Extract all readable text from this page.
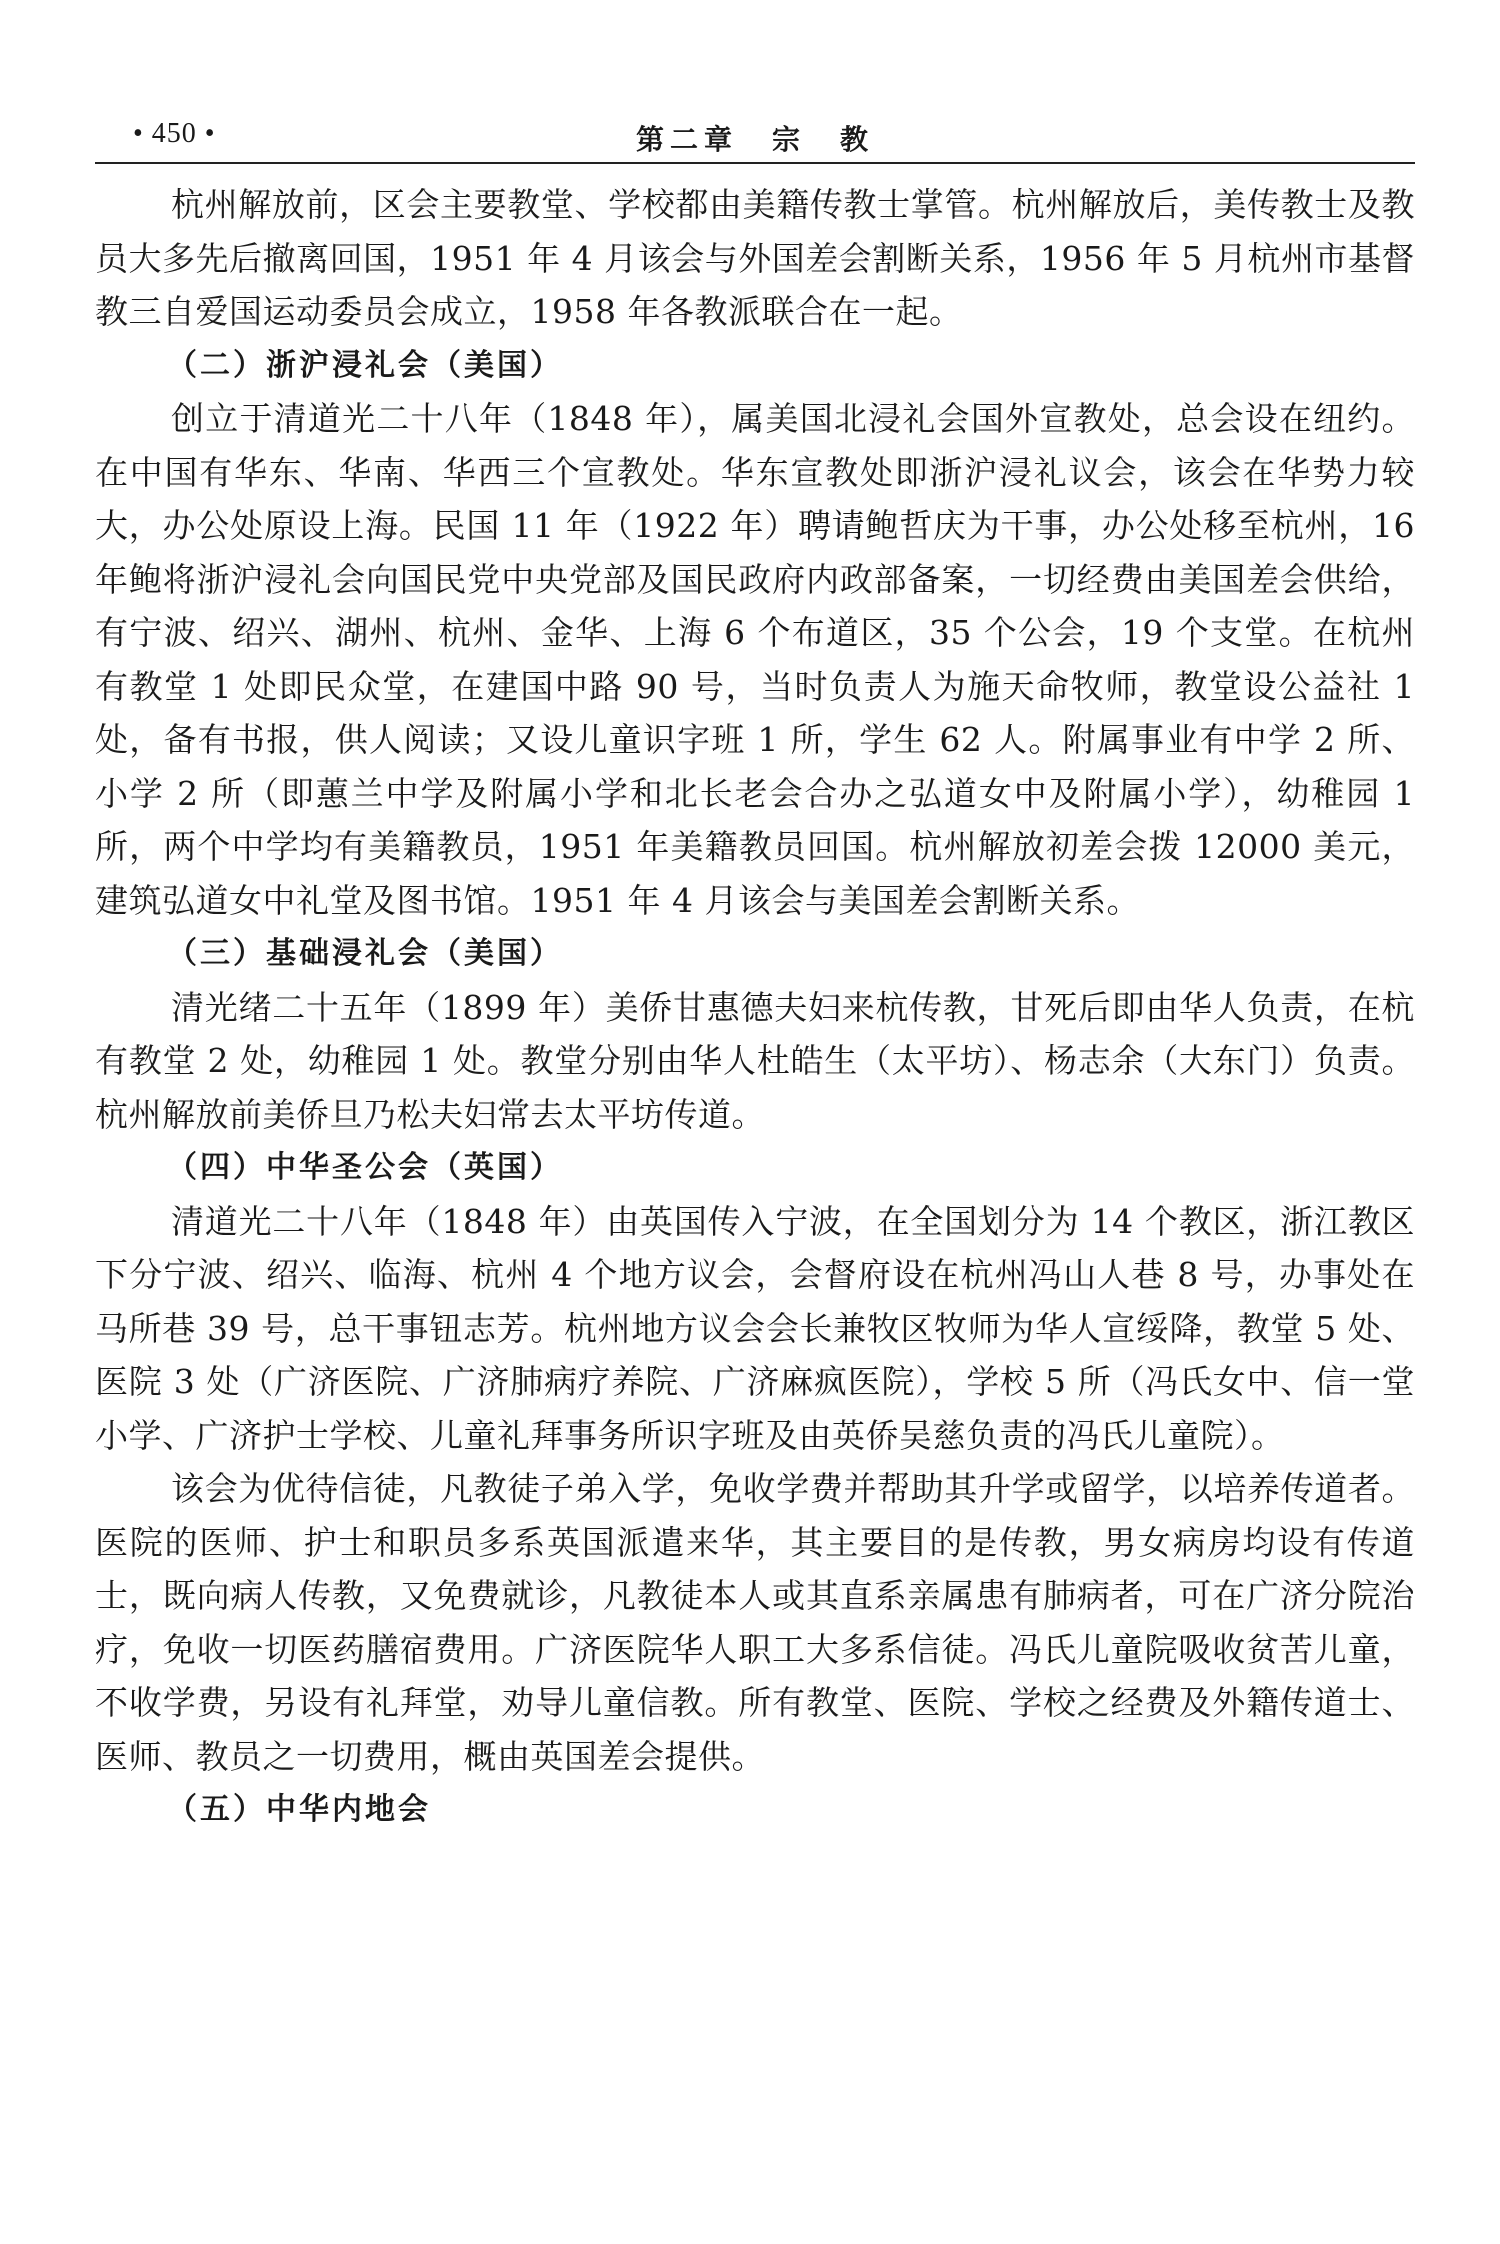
• 450 •	第二章　宗　教

杭州解放前，区会主要教堂、学校都由美籍传教士掌管。杭州解放后，美传教士及教员大多先后撤离回国，1951 年 4 月该会与外国差会割断关系，1956 年 5 月杭州市基督教三自爱国运动委员会成立，1958 年各教派联合在一起。

（二）浙沪浸礼会（美国）

创立于清道光二十八年（1848 年），属美国北浸礼会国外宣教处，总会设在纽约。在中国有华东、华南、华西三个宣教处。华东宣教处即浙沪浸礼议会，该会在华势力较大，办公处原设上海。民国 11 年（1922 年）聘请鲍哲庆为干事，办公处移至杭州，16 年鲍将浙沪浸礼会向国民党中央党部及国民政府内政部备案，一切经费由美国差会供给，有宁波、绍兴、湖州、杭州、金华、上海 6 个布道区，35 个公会，19 个支堂。在杭州有教堂 1 处即民众堂，在建国中路 90 号，当时负责人为施天命牧师，教堂设公益社 1 处，备有书报，供人阅读；又设儿童识字班 1 所，学生 62 人。附属事业有中学 2 所、小学 2 所（即蕙兰中学及附属小学和北长老会合办之弘道女中及附属小学），幼稚园 1 所，两个中学均有美籍教员，1951 年美籍教员回国。杭州解放初差会拨 12000 美元，建筑弘道女中礼堂及图书馆。1951 年 4 月该会与美国差会割断关系。

（三）基础浸礼会（美国）

清光绪二十五年（1899 年）美侨甘惠德夫妇来杭传教，甘死后即由华人负责，在杭有教堂 2 处，幼稚园 1 处。教堂分别由华人杜皓生（太平坊）、杨志余（大东门）负责。杭州解放前美侨旦乃松夫妇常去太平坊传道。

（四）中华圣公会（英国）

清道光二十八年（1848 年）由英国传入宁波，在全国划分为 14 个教区，浙江教区下分宁波、绍兴、临海、杭州 4 个地方议会，会督府设在杭州冯山人巷 8 号，办事处在马所巷 39 号，总干事钮志芳。杭州地方议会会长兼牧区牧师为华人宣绥降，教堂 5 处、医院 3 处（广济医院、广济肺病疗养院、广济麻疯医院），学校 5 所（冯氏女中、信一堂小学、广济护士学校、儿童礼拜事务所识字班及由英侨吴慈负责的冯氏儿童院）。

该会为优待信徒，凡教徒子弟入学，免收学费并帮助其升学或留学，以培养传道者。医院的医师、护士和职员多系英国派遣来华，其主要目的是传教，男女病房均设有传道士，既向病人传教，又免费就诊，凡教徒本人或其直系亲属患有肺病者，可在广济分院治疗，免收一切医药膳宿费用。广济医院华人职工大多系信徒。冯氏儿童院吸收贫苦儿童，不收学费，另设有礼拜堂，劝导儿童信教。所有教堂、医院、学校之经费及外籍传道士、医师、教员之一切费用，概由英国差会提供。

（五）中华内地会
